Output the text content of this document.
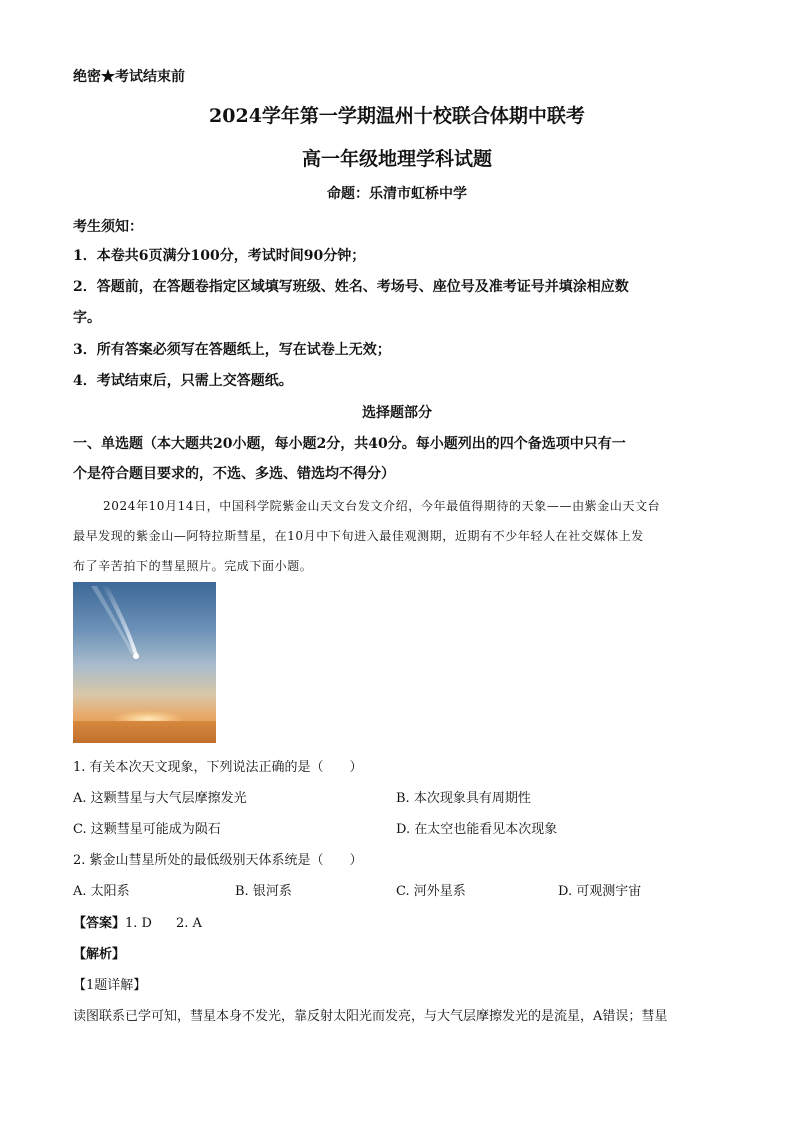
绝密★考试结束前
2024学年第一学期温州十校联合体期中联考
高一年级地理学科试题
命题：乐清市虹桥中学
考生须知：
1．本卷共6页满分100分，考试时间90分钟；
2．答题前，在答题卷指定区域填写班级、姓名、考场号、座位号及准考证号并填涂相应数
字。
3．所有答案必须写在答题纸上，写在试卷上无效；
4．考试结束后，只需上交答题纸。
选择题部分
一、单选题（本大题共20小题，每小题2分，共40分。每小题列出的四个备选项中只有一
个是符合题目要求的，不选、多选、错选均不得分）
2024年10月14日，中国科学院紫金山天文台发文介绍，今年最值得期待的天象——由紫金山天文台
最早发现的紫金山—阿特拉斯彗星，在10月中下旬进入最佳观测期，近期有不少年轻人在社交媒体上发
布了辛苦拍下的彗星照片。完成下面小题。
1. 有关本次天文现象，下列说法正确的是（　　）
A. 这颗彗星与大气层摩擦发光	B. 本次现象具有周期性
C. 这颗彗星可能成为陨石	D. 在太空也能看见本次现象
2. 紫金山彗星所处的最低级别天体系统是（　　）
A. 太阳系	B. 银河系	C. 河外星系	D. 可观测宇宙
【答案】1. D 2. A
【解析】
【1题详解】
读图联系已学可知，彗星本身不发光，靠反射太阳光而发亮，与大气层摩擦发光的是流星，A错误；彗星
